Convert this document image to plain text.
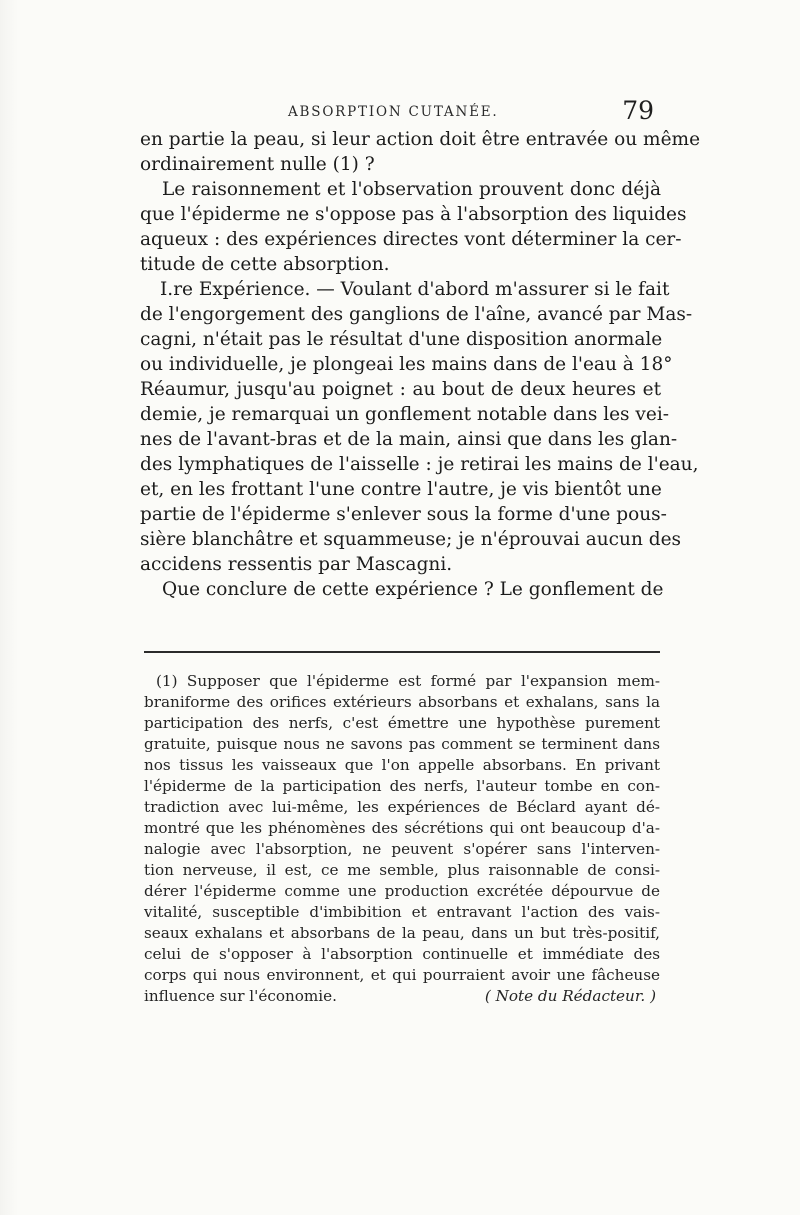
ABSORPTION CUTANÉE.	79
en partie la peau, si leur action doit être entravée ou même
ordinairement nulle (1) ?
Le raisonnement et l'observation prouvent donc déjà
que l'épiderme ne s'oppose pas à l'absorption des liquides
aqueux : des expériences directes vont déterminer la cer-
titude de cette absorption.
I.re Expérience. — Voulant d'abord m'assurer si le fait
de l'engorgement des ganglions de l'aîne, avancé par Mas-
cagni, n'était pas le résultat d'une disposition anormale
ou individuelle, je plongeai les mains dans de l'eau à 18°
Réaumur, jusqu'au poignet : au bout de deux heures et
demie, je remarquai un gonflement notable dans les vei-
nes de l'avant-bras et de la main, ainsi que dans les glan-
des lymphatiques de l'aisselle : je retirai les mains de l'eau,
et, en les frottant l'une contre l'autre, je vis bientôt une
partie de l'épiderme s'enlever sous la forme d'une pous-
sière blanchâtre et squammeuse; je n'éprouvai aucun des
accidens ressentis par Mascagni.
Que conclure de cette expérience ? Le gonflement de
(1) Supposer que l'épiderme est formé par l'expansion mem-
braniforme des orifices extérieurs absorbans et exhalans, sans la
participation des nerfs, c'est émettre une hypothèse purement
gratuite, puisque nous ne savons pas comment se terminent dans
nos tissus les vaisseaux que l'on appelle absorbans. En privant
l'épiderme de la participation des nerfs, l'auteur tombe en con-
tradiction avec lui-même, les expériences de Béclard ayant dé-
montré que les phénomènes des sécrétions qui ont beaucoup d'a-
nalogie avec l'absorption, ne peuvent s'opérer sans l'interven-
tion nerveuse, il est, ce me semble, plus raisonnable de consi-
dérer l'épiderme comme une production excrétée dépourvue de
vitalité, susceptible d'imbibition et entravant l'action des vais-
seaux exhalans et absorbans de la peau, dans un but très-positif,
celui de s'opposer à l'absorption continuelle et immédiate des
corps qui nous environnent, et qui pourraient avoir une fâcheuse
influence sur l'économie.	( Note du Rédacteur. )
